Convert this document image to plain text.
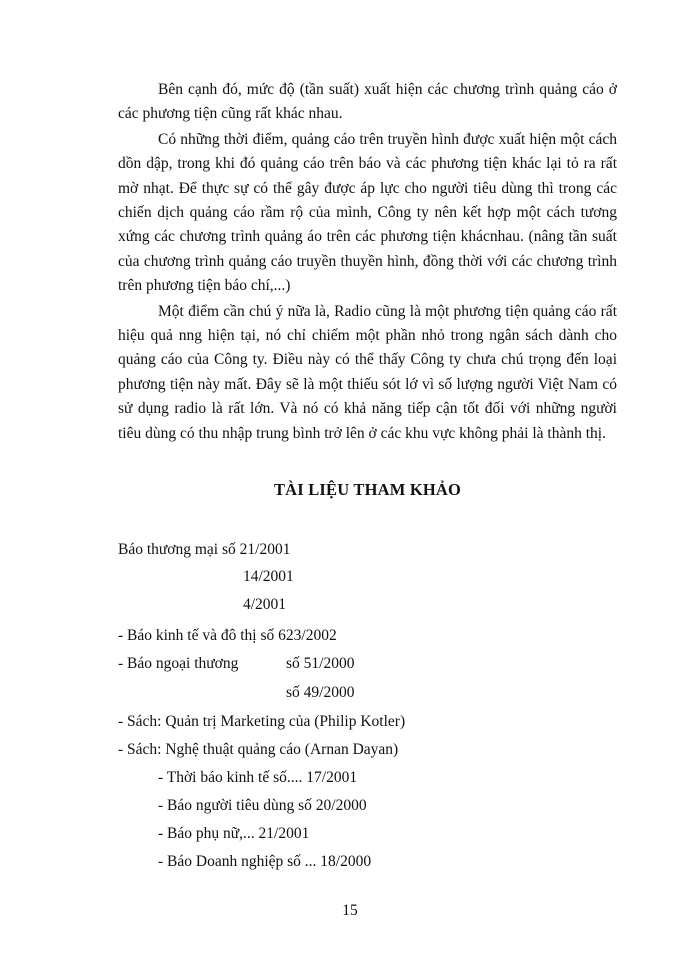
Bên cạnh đó, mức độ (tần suất) xuất hiện các chương trình quảng cáo ở các phương tiện cũng rất khác nhau.

Có những thời điểm, quảng cáo trên truyền hình được xuất hiện một cách dồn dập, trong khi đó quảng cáo trên báo và các phương tiện khác lại tỏ ra rất mờ nhạt. Để thực sự có thể gây được áp lực cho người tiêu dùng thì trong các chiến dịch quảng cáo rầm rộ của mình, Công ty nên kết hợp một cách tương xứng các chương trình quảng áo trên các phương tiện khácnhau. (nâng tần suất của chương trình quảng cáo truyền thuyền hình, đồng thời với các chương trình trên phương tiện báo chí,...)

Một điểm cần chú ý nữa là, Radio cũng là một phương tiện quảng cáo rất hiệu quả nng hiện tại, nó chỉ chiếm một phần nhỏ trong ngân sách dành cho quảng cáo của Công ty. Điều này có thể thấy Công ty chưa chú trọng đến loại phương tiện này mất. Đây sẽ là một thiếu sót lớ vì số lượng người Việt Nam có sử dụng radio là rất lớn. Và nó có khả năng tiếp cận tốt đối với những người tiêu dùng có thu nhập trung bình trở lên ở các khu vực không phải là thành thị.

TÀI LIỆU THAM KHẢO
Báo thương mại số 21/2001
14/2001
4/2001
- Báo kinh tế và đô thị số 623/2002
- Báo ngoại thương	số 51/2000
số 49/2000
- Sách: Quản trị Marketing của (Philip Kotler)
- Sách: Nghệ thuật quảng cáo (Arnan Dayan)
- Thời báo kinh tế số.... 17/2001
- Báo người tiêu dùng số 20/2000
- Báo phụ nữ,... 21/2001
- Báo Doanh nghiệp số ... 18/2000
15
